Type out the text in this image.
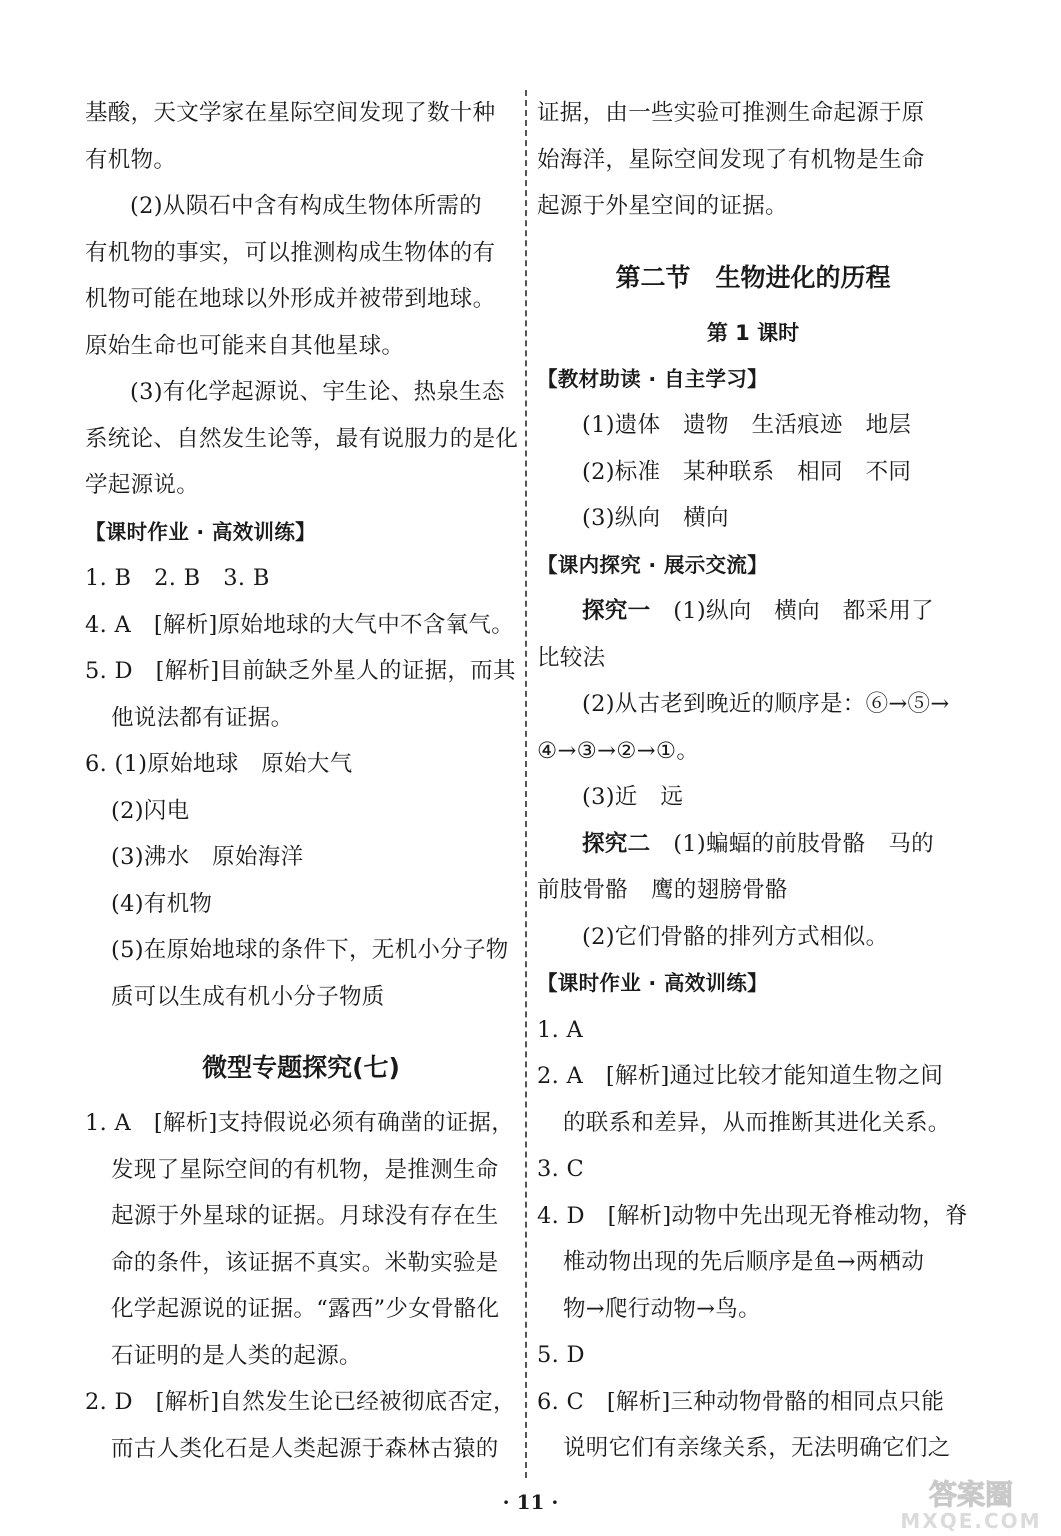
基酸，天文学家在星际空间发现了数十种
有机物。
(2)从陨石中含有构成生物体所需的
有机物的事实，可以推测构成生物体的有
机物可能在地球以外形成并被带到地球。
原始生命也可能来自其他星球。
(3)有化学起源说、宇生论、热泉生态
系统论、自然发生论等，最有说服力的是化
学起源说。
【课时作业 · 高效训练】
1. B　2. B　3. B
4. A　[解析]原始地球的大气中不含氧气。
5. D　[解析]目前缺乏外星人的证据，而其
他说法都有证据。
6. (1)原始地球　原始大气
(2)闪电
(3)沸水　原始海洋
(4)有机物
(5)在原始地球的条件下，无机小分子物
质可以生成有机小分子物质
微型专题探究(七)
1. A　[解析]支持假说必须有确凿的证据，
发现了星际空间的有机物，是推测生命
起源于外星球的证据。月球没有存在生
命的条件，该证据不真实。米勒实验是
化学起源说的证据。“露西”少女骨骼化
石证明的是人类的起源。
2. D　[解析]自然发生论已经被彻底否定，
而古人类化石是人类起源于森林古猿的
证据，由一些实验可推测生命起源于原
始海洋，星际空间发现了有机物是生命
起源于外星空间的证据。
第二节　生物进化的历程
第 1 课时
【教材助读 · 自主学习】
(1)遗体　遗物　生活痕迹　地层
(2)标准　某种联系　相同　不同
(3)纵向　横向
【课内探究 · 展示交流】
探究一　(1)纵向　横向　都采用了
比较法
(2)从古老到晚近的顺序是：⑥→⑤→
④→③→②→①。
(3)近　远
探究二　(1)蝙蝠的前肢骨骼　马的
前肢骨骼　鹰的翅膀骨骼
(2)它们骨骼的排列方式相似。
【课时作业 · 高效训练】
1. A
2. A　[解析]通过比较才能知道生物之间
的联系和差异，从而推断其进化关系。
3. C
4. D　[解析]动物中先出现无脊椎动物，脊
椎动物出现的先后顺序是鱼→两栖动
物→爬行动物→鸟。
5. D
6. C　[解析]三种动物骨骼的相同点只能
说明它们有亲缘关系，无法明确它们之
· 11 ·	答案圈
MXQE.COM
